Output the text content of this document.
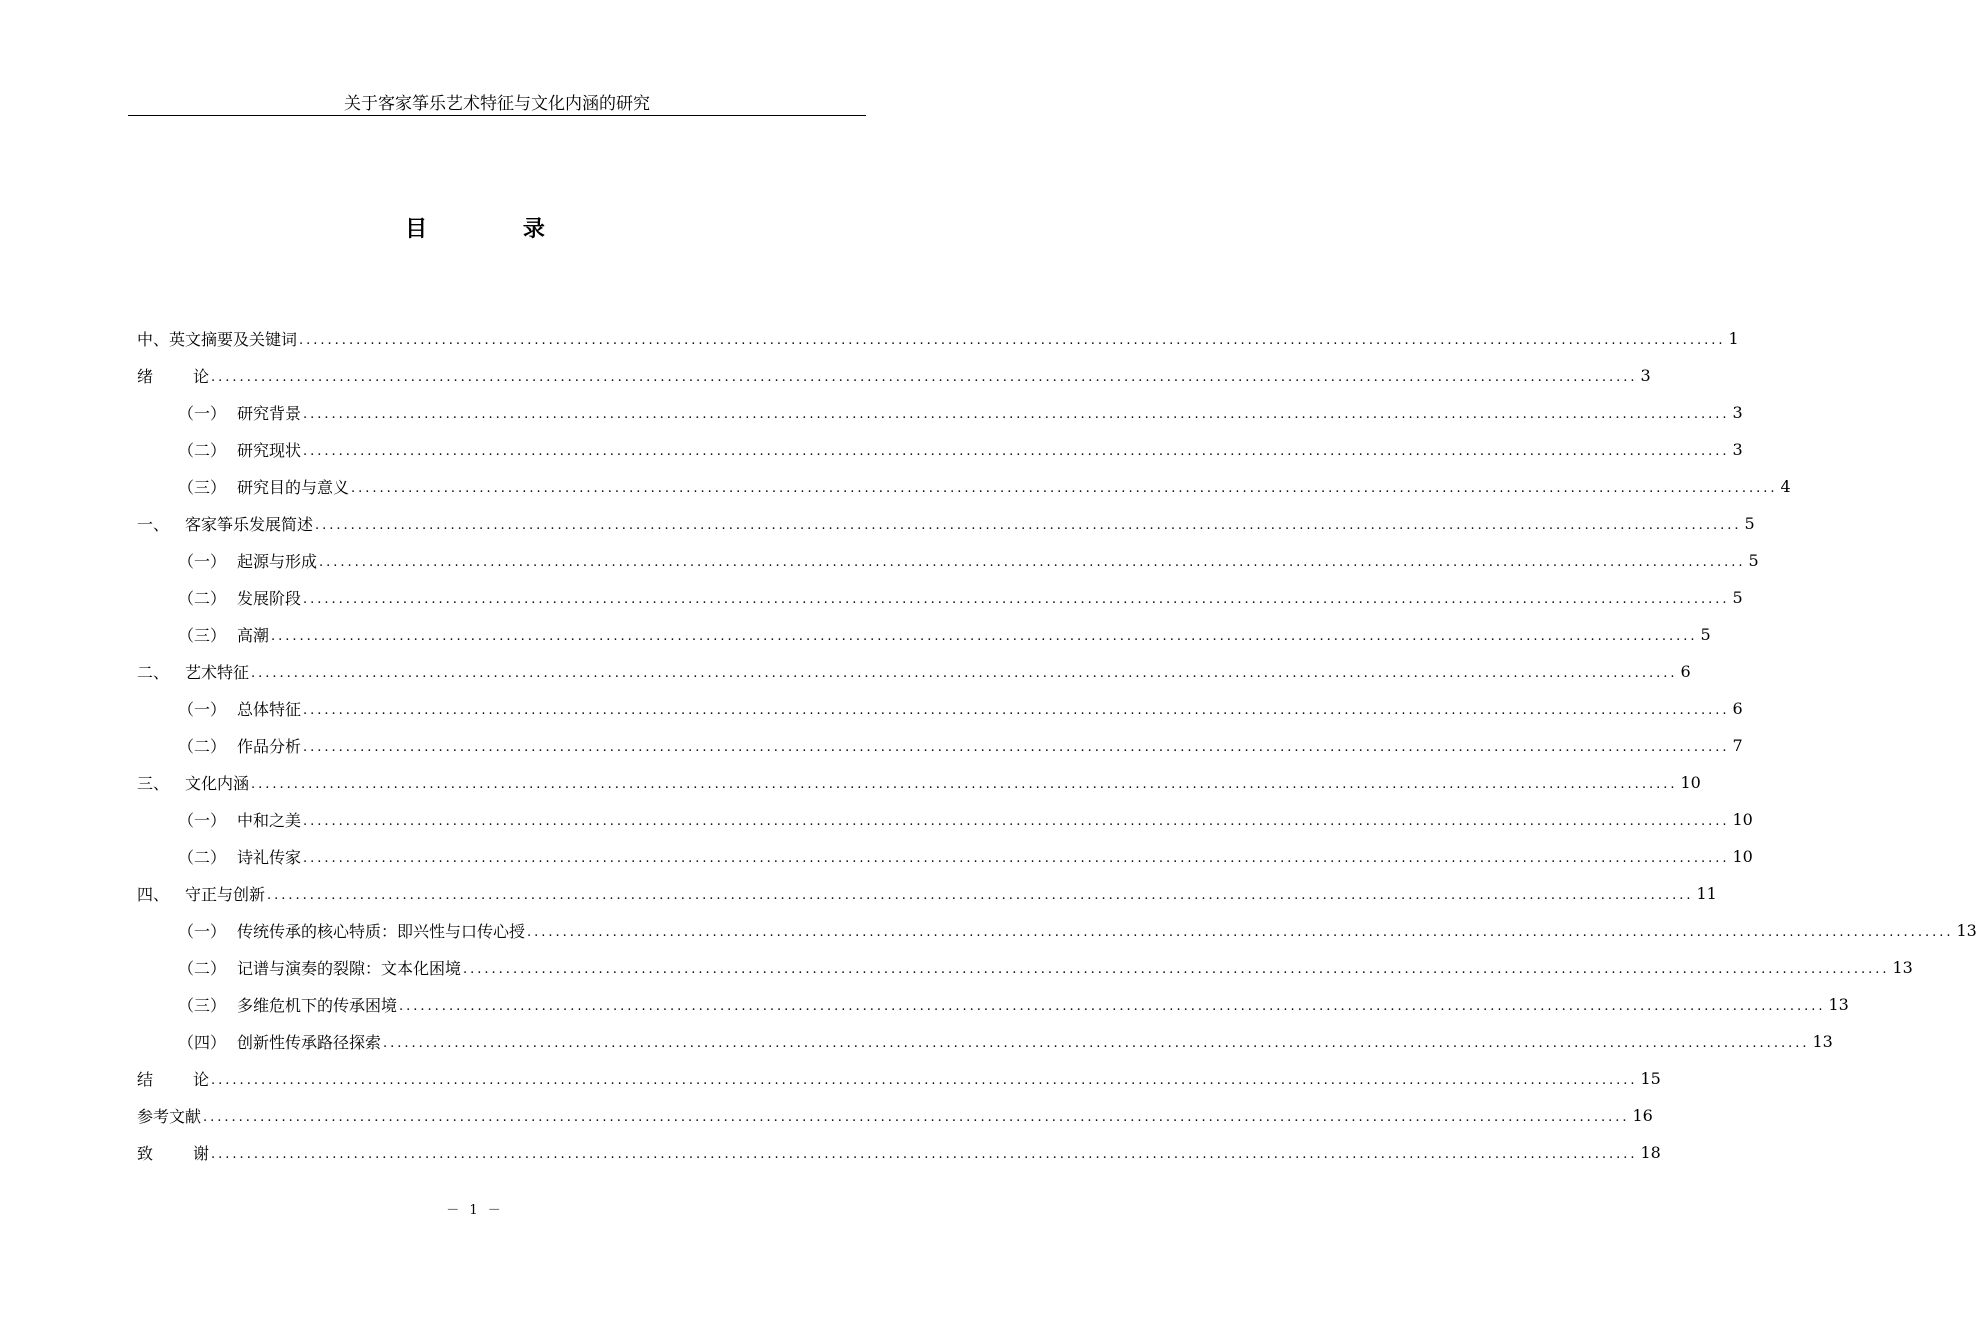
关于客家筝乐艺术特征与文化内涵的研究
目 录
中、英文摘要及关键词 ........................................................................................................................................................................................................ 1
绪 论 ........................................................................................................................................................................................................ 3
（一） 研究背景 ........................................................................................................................................................................................................ 3
（二） 研究现状 ........................................................................................................................................................................................................ 3
（三） 研究目的与意义 ........................................................................................................................................................................................................ 4
一、 客家筝乐发展简述 ........................................................................................................................................................................................................ 5
（一） 起源与形成 ........................................................................................................................................................................................................ 5
（二） 发展阶段 ........................................................................................................................................................................................................ 5
（三） 高潮 ........................................................................................................................................................................................................ 5
二、 艺术特征 ........................................................................................................................................................................................................ 6
（一） 总体特征 ........................................................................................................................................................................................................ 6
（二） 作品分析 ........................................................................................................................................................................................................ 7
三、 文化内涵 ........................................................................................................................................................................................................ 10
（一） 中和之美 ........................................................................................................................................................................................................ 10
（二） 诗礼传家 ........................................................................................................................................................................................................ 10
四、 守正与创新 ........................................................................................................................................................................................................ 11
（一） 传统传承的核心特质：即兴性与口传心授 ........................................................................................................................................................................................................ 13
（二） 记谱与演奏的裂隙：文本化困境 ........................................................................................................................................................................................................ 13
（三） 多维危机下的传承困境 ........................................................................................................................................................................................................ 13
（四） 创新性传承路径探索 ........................................................................................................................................................................................................ 13
结 论 ........................................................................................................................................................................................................ 15
参考文献 ........................................................................................................................................................................................................ 16
致 谢 ........................................................................................................................................................................................................ 18
－ 1 －
